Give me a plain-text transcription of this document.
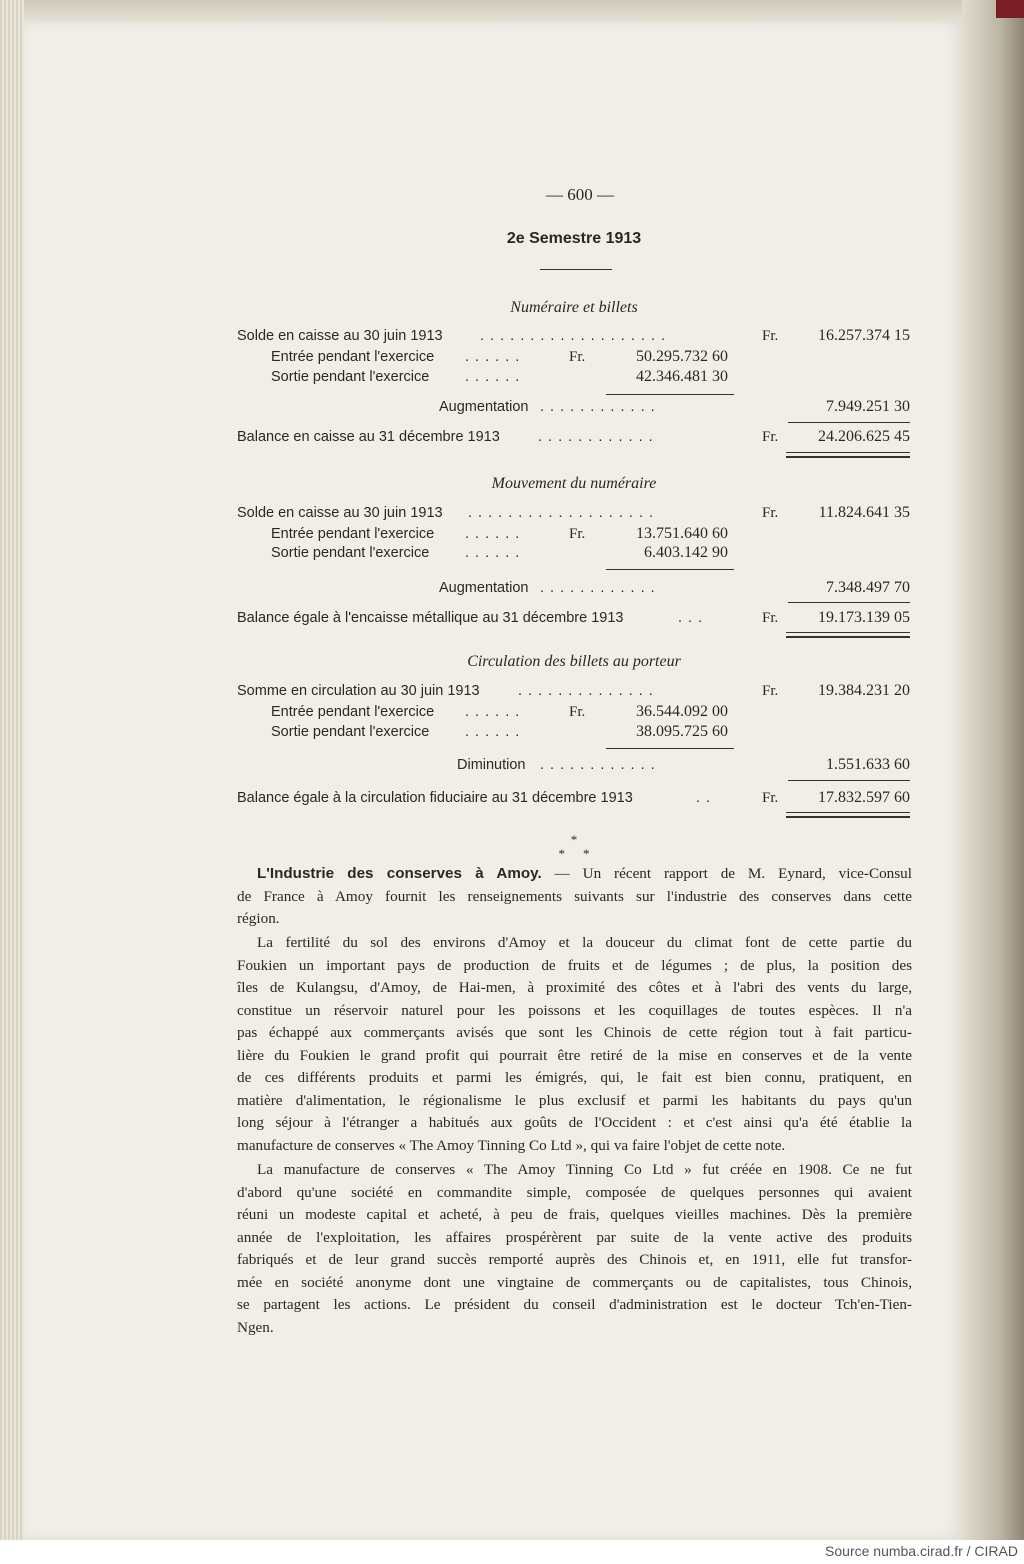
— 600 —
2e Semestre 1913
Numéraire et billets
Solde en caisse au 30 juin 1913	. . . . . . . . . . . . . . . . . . .	Fr.	16.257.374 15
Entrée pendant l'exercice . . . . . .	Fr.	50.295.732 60
Sortie pendant l'exercice . . . . . .	42.346.481 30
Augmentation . . . . . . . . . . . .	7.949.251 30
Balance en caisse au 31 décembre 1913	. . . . . . . . . . . .	Fr.	24.206.625 45
Mouvement du numéraire
Solde en caisse au 30 juin 1913 . . . . . . . . . . . . . . . . . . .	Fr.	11.824.641 35
Entrée pendant l'exercice . . . . . .	Fr.	13.751.640 60
Sortie pendant l'exercice . . . . . .	6.403.142 90
Augmentation . . . . . . . . . . . .	7.348.497 70
Balance égale à l'encaisse métallique au 31 décembre 1913	. . .	Fr.	19.173.139 05
Circulation des billets au porteur
Somme en circulation au 30 juin 1913	. . . . . . . . . . . . . .	Fr.	19.384.231 20
Entrée pendant l'exercice . . . . . .	Fr.	36.544.092 00
Sortie pendant l'exercice . . . . . .	38.095.725 60
Diminution . . . . . . . . . . . .	1.551.633 60
Balance égale à la circulation fiduciaire au 31 décembre 1913	. .	Fr.	17.832.597 60
*
**
L'Industrie des conserves à Amoy. — Un récent rapport de M. Eynard, vice-Consul
de France à Amoy fournit les renseignements suivants sur l'industrie des conserves dans cette
région.
La fertilité du sol des environs d'Amoy et la douceur du climat font de cette partie du
Foukien un important pays de production de fruits et de légumes ; de plus, la position des
îles de Kulangsu, d'Amoy, de Hai-men, à proximité des côtes et à l'abri des vents du large,
constitue un réservoir naturel pour les poissons et les coquillages de toutes espèces. Il n'a
pas échappé aux commerçants avisés que sont les Chinois de cette région tout à fait particu-
lière du Foukien le grand profit qui pourrait être retiré de la mise en conserves et de la vente
de ces différents produits et parmi les émigrés, qui, le fait est bien connu, pratiquent, en
matière d'alimentation, le régionalisme le plus exclusif et parmi les habitants du pays qu'un
long séjour à l'étranger a habitués aux goûts de l'Occident : et c'est ainsi qu'a été établie la
manufacture de conserves « The Amoy Tinning Co Ltd », qui va faire l'objet de cette note.
La manufacture de conserves « The Amoy Tinning Co Ltd » fut créée en 1908. Ce ne fut
d'abord qu'une société en commandite simple, composée de quelques personnes qui avaient
réuni un modeste capital et acheté, à peu de frais, quelques vieilles machines. Dès la première
année de l'exploitation, les affaires prospérèrent par suite de la vente active des produits
fabriqués et de leur grand succès remporté auprès des Chinois et, en 1911, elle fut transfor-
mée en société anonyme dont une vingtaine de commerçants ou de capitalistes, tous Chinois,
se partagent les actions. Le président du conseil d'administration est le docteur Tch'en-Tien-
Ngen.
Source numba.cirad.fr / CIRAD
